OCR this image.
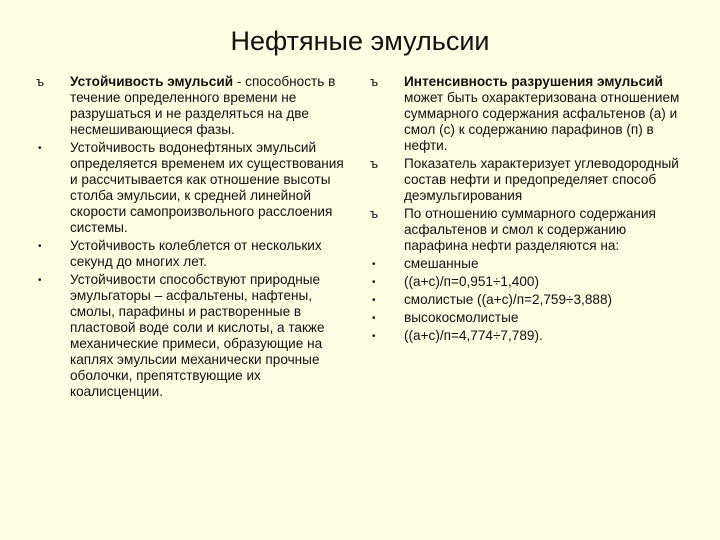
Нефтяные эмульсии
ъ	Устойчивость эмульсий - способность в течение определенного времени не разрушаться и не разделяться на две несмешивающиеся фазы.
•	Устойчивость водонефтяных эмульсий определяется временем их существования и рассчитывается как отношение высоты столба эмульсии, к средней линейной скорости самопроизвольного расслоения системы.
•	Устойчивость колеблется от нескольких секунд до многих лет.
•	Устойчивости способствуют природные эмульгаторы – асфальтены, нафтены, смолы, парафины и растворенные в пластовой воде соли и кислоты, а также механические примеси, образующие на каплях эмульсии механически прочные оболочки, препятствующие их коалисценции.
ъ	Интенсивность разрушения эмульсий может быть охарактеризована отношением суммарного содержания асфальтенов (а) и смол (с) к содержанию парафинов (п) в нефти.
ъ	Показатель характеризует углеводородный состав нефти и предопределяет способ деэмульгирования
ъ	По отношению суммарного содержания асфальтенов и смол к содержанию парафина нефти разделяются на:
•	смешанные
•	((а+с)/п=0,951÷1,400)
•	смолистые ((а+с)/п=2,759÷3,888)
•	высокосмолистые
•	((а+с)/п=4,774÷7,789).
